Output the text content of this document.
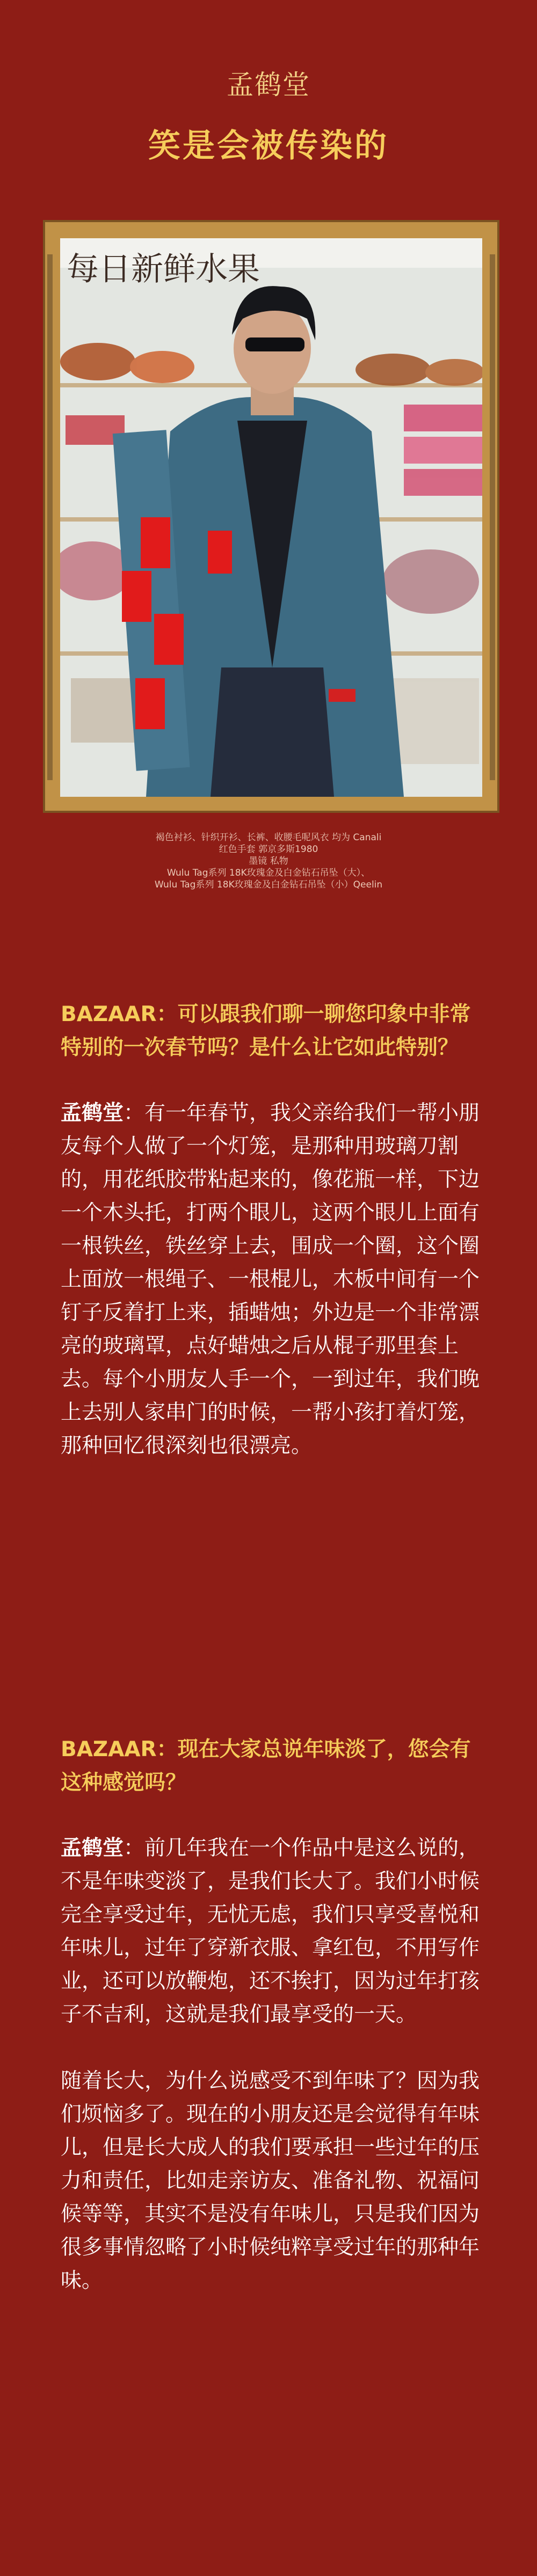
孟鹤堂
笑是会被传染的
每日新鲜水果
褐色衬衫、针织开衫、长裤、收腰毛呢风衣 均为 Canali
红色手套 郭京多斯1980
墨镜 私物
Wulu Tag系列 18K玫瑰金及白金钻石吊坠（大）、
Wulu Tag系列 18K玫瑰金及白金钻石吊坠（小）Qeelin
BAZAAR：可以跟我们聊一聊您印象中非常特别的一次春节吗？是什么让它如此特别？
孟鹤堂：有一年春节，我父亲给我们一帮小朋友每个人做了一个灯笼，是那种用玻璃刀割的，用花纸胶带粘起来的，像花瓶一样，下边一个木头托，打两个眼儿，这两个眼儿上面有一根铁丝，铁丝穿上去，围成一个圈，这个圈上面放一根绳子、一根棍儿，木板中间有一个钉子反着打上来，插蜡烛；外边是一个非常漂亮的玻璃罩，点好蜡烛之后从棍子那里套上去。每个小朋友人手一个，一到过年，我们晚上去别人家串门的时候，一帮小孩打着灯笼，那种回忆很深刻也很漂亮。
BAZAAR：现在大家总说年味淡了，您会有这种感觉吗？
孟鹤堂：前几年我在一个作品中是这么说的，不是年味变淡了，是我们长大了。我们小时候完全享受过年，无忧无虑，我们只享受喜悦和年味儿，过年了穿新衣服、拿红包，不用写作业，还可以放鞭炮，还不挨打，因为过年打孩子不吉利，这就是我们最享受的一天。
随着长大，为什么说感受不到年味了？因为我们烦恼多了。现在的小朋友还是会觉得有年味儿，但是长大成人的我们要承担一些过年的压力和责任，比如走亲访友、准备礼物、祝福问候等等，其实不是没有年味儿，只是我们因为很多事情忽略了小时候纯粹享受过年的那种年味。
